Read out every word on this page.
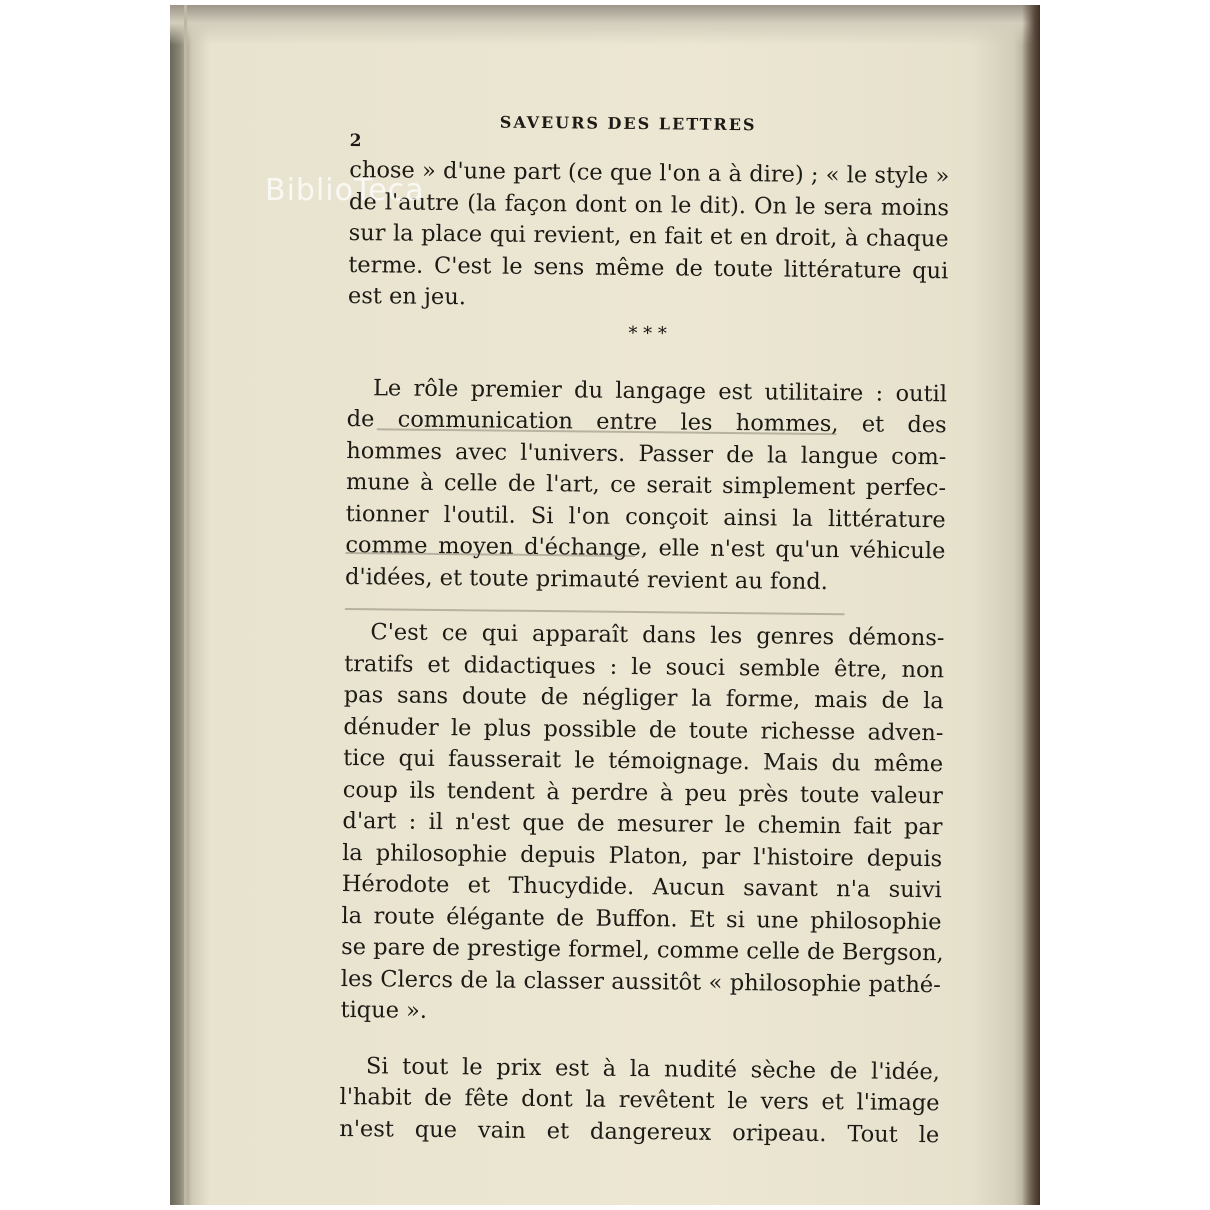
2
SAVEURS DES LETTRES

chose » d'une part (ce que l'on a à dire) ; « le style »
de l'autre (la façon dont on le dit). On le sera moins
sur la place qui revient, en fait et en droit, à chaque
terme. C'est le sens même de toute littérature qui
est en jeu.

* * *

Le rôle premier du langage est utilitaire : outil
de communication entre les hommes, et des
hommes avec l'univers. Passer de la langue com-
mune à celle de l'art, ce serait simplement perfec-
tionner l'outil. Si l'on conçoit ainsi la littérature
comme moyen d'échange, elle n'est qu'un véhicule
d'idées, et toute primauté revient au fond.

C'est ce qui apparaît dans les genres démons-
tratifs et didactiques : le souci semble être, non
pas sans doute de négliger la forme, mais de la
dénuder le plus possible de toute richesse adven-
tice qui fausserait le témoignage. Mais du même
coup ils tendent à perdre à peu près toute valeur
d'art : il n'est que de mesurer le chemin fait par
la philosophie depuis Platon, par l'histoire depuis
Hérodote et Thucydide. Aucun savant n'a suivi
la route élégante de Buffon. Et si une philosophie
se pare de prestige formel, comme celle de Bergson,
les Clercs de la classer aussitôt « philosophie pathé-
tique ».

Si tout le prix est à la nudité sèche de l'idée,
l'habit de fête dont la revêtent le vers et l'image
n'est que vain et dangereux oripeau. Tout le

BiblioTeca
